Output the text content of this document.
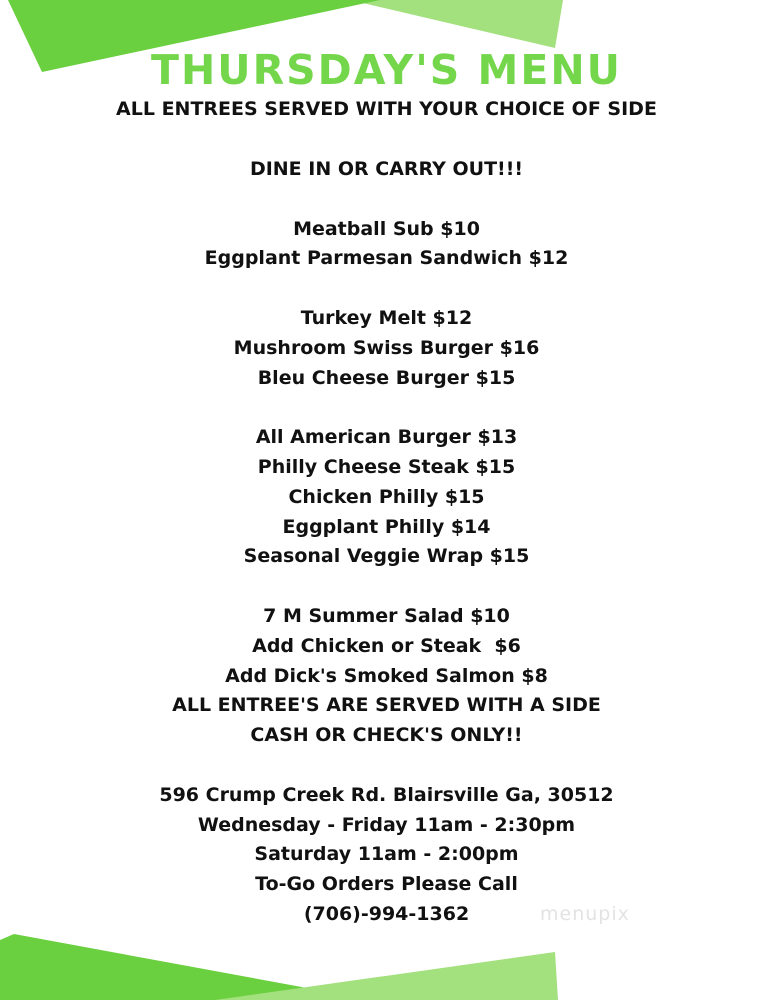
THURSDAY'S MENU
ALL ENTREES SERVED WITH YOUR CHOICE OF SIDE
DINE IN OR CARRY OUT!!!

Meatball Sub $10
Eggplant Parmesan Sandwich $12

Turkey Melt $12
Mushroom Swiss Burger $16
Bleu Cheese Burger $15

All American Burger $13
Philly Cheese Steak $15
Chicken Philly $15
Eggplant Philly $14
Seasonal Veggie Wrap $15

7 M Summer Salad $10
Add Chicken or Steak  $6
Add Dick's Smoked Salmon $8
ALL ENTREE'S ARE SERVED WITH A SIDE
CASH OR CHECK'S ONLY!!

596 Crump Creek Rd. Blairsville Ga, 30512
Wednesday - Friday 11am - 2:30pm
Saturday 11am - 2:00pm
To-Go Orders Please Call
(706)-994-1362	menupix
